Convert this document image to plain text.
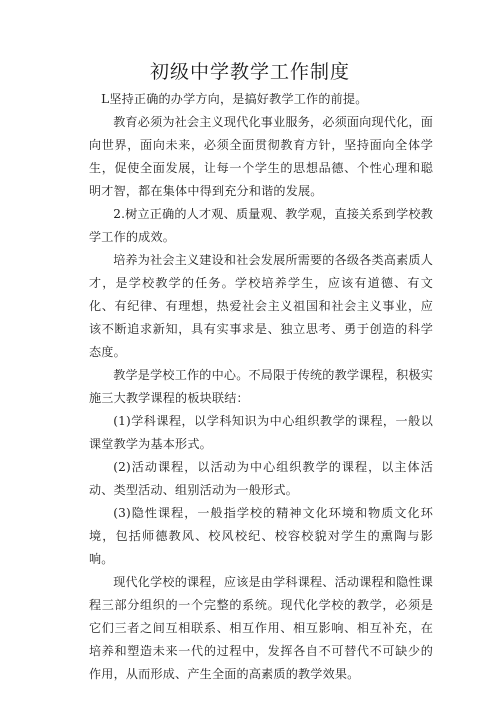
初级中学教学工作制度

L坚持正确的办学方向，是搞好教学工作的前提。

教育必须为社会主义现代化事业服务，必须面向现代化，面向世界，面向未来，必须全面贯彻教育方针，坚持面向全体学生，促使全面发展，让每一个学生的思想品德、个性心理和聪明才智，都在集体中得到充分和谐的发展。

2.树立正确的人才观、质量观、教学观，直接关系到学校教学工作的成效。

培养为社会主义建设和社会发展所需要的各级各类高素质人才，是学校教学的任务。学校培养学生，应该有道德、有文化、有纪律、有理想，热爱社会主义祖国和社会主义事业，应该不断追求新知，具有实事求是、独立思考、勇于创造的科学态度。

教学是学校工作的中心。不局限于传统的教学课程，积极实施三大教学课程的板块联结：

(1)学科课程，以学科知识为中心组织教学的课程，一般以课堂教学为基本形式。

(2)活动课程，以活动为中心组织教学的课程，以主体活动、类型活动、组别活动为一般形式。

(3)隐性课程，一般指学校的精神文化环境和物质文化环境，包括师德教风、校风校纪、校容校貌对学生的熏陶与影响。

现代化学校的课程，应该是由学科课程、活动课程和隐性课程三部分组织的一个完整的系统。现代化学校的教学，必须是它们三者之间互相联系、相互作用、相互影响、相互补充，在培养和塑造未来一代的过程中，发挥各自不可替代不可缺少的作用，从而形成、产生全面的高素质的教学效果。
